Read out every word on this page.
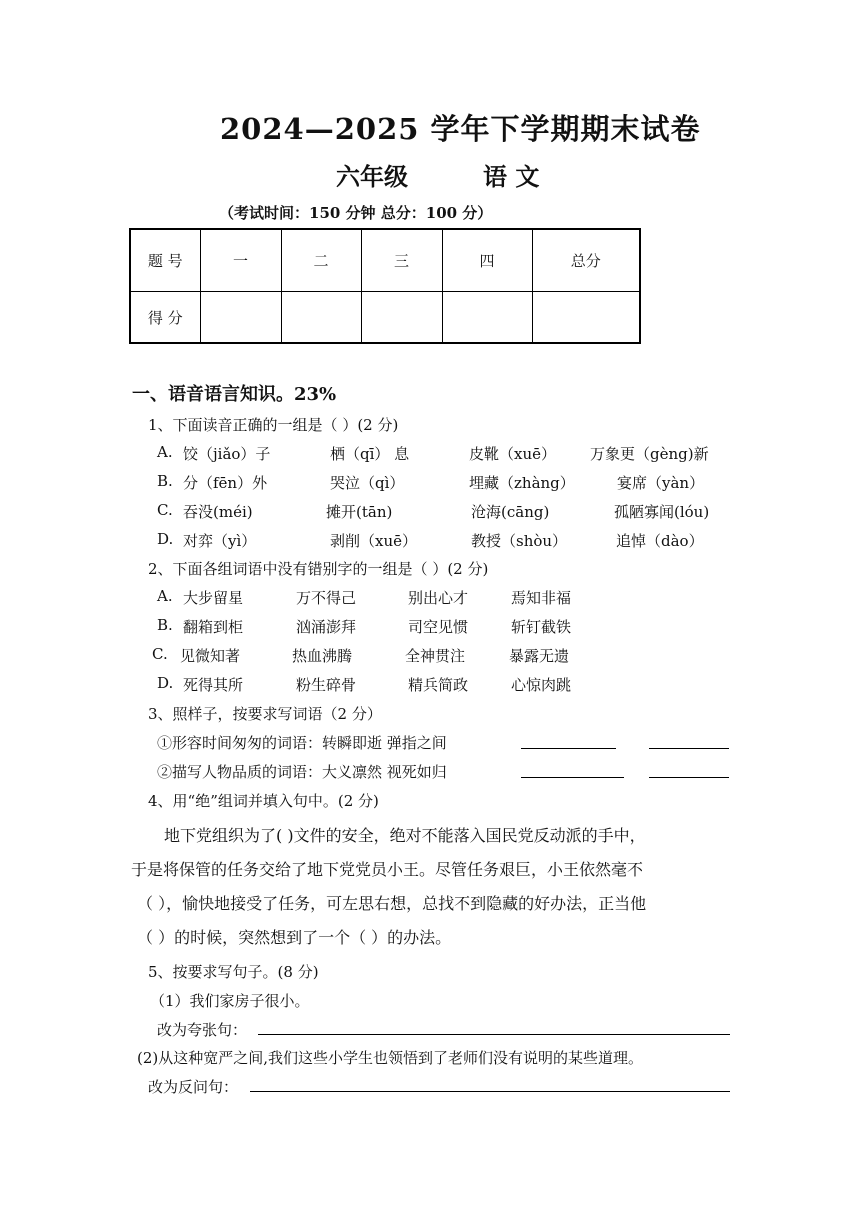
2024—2025 学年下学期期末试卷
六年级	语 文
（考试时间：150 分钟 总分：100 分）
题 号	一	二	三	四	总分
得 分					
一、语音语言知识。23%
1、下面读音正确的一组是（ ）(2 分)
A. 饺（jiǎo）子	栖（qī） 息	皮靴（xuē） 万象更（gèng)新
B. 分（fēn）外	哭泣（qì）	埋藏（zhàng）	宴席（yàn）
C. 吞没(méi)	摊开(tān)	沧海(cāng)	孤陋寡闻(lóu)
D. 对弈（yì）	剥削（xuē）	教授（shòu）	追悼（dào）
2、下面各组词语中没有错别字的一组是（ ）(2 分)
A. 大步留星	万不得己	别出心才	焉知非福
B. 翻箱到柜	汹涌澎拜	司空见惯	斩钉截铁
C. 见微知著	热血沸腾	全神贯注	暴露无遗
D. 死得其所	粉生碎骨	精兵简政	心惊肉跳
3、照样子，按要求写词语（2 分）
①形容时间匆匆的词语：转瞬即逝 弹指之间
②描写人物品质的词语：大义凛然 视死如归
4、用“绝”组词并填入句中。(2 分)
地下党组织为了( )文件的安全，绝对不能落入国民党反动派的手中，
于是将保管的任务交给了地下党党员小王。尽管任务艰巨，小王依然毫不
（ ），愉快地接受了任务，可左思右想，总找不到隐藏的好办法，正当他
（ ）的时候，突然想到了一个（ ）的办法。
5、按要求写句子。(8 分)
（1）我们家房子很小。
改为夸张句：
(2)从这种宽严之间,我们这些小学生也领悟到了老师们没有说明的某些道理。
改为反问句：
